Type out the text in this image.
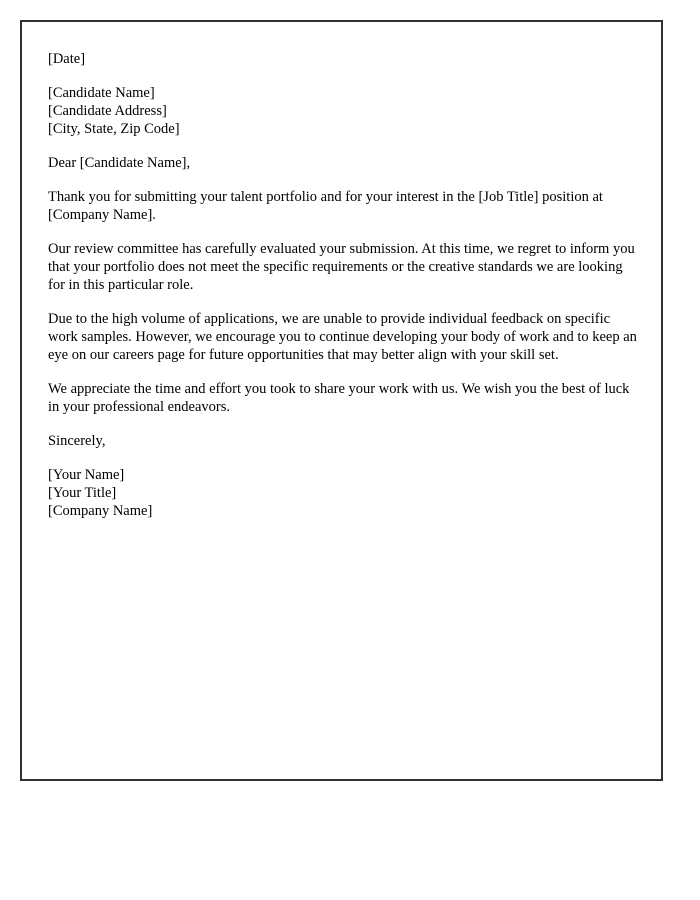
[Date]
[Candidate Name]
[Candidate Address]
[City, State, Zip Code]
Dear [Candidate Name],

Thank you for submitting your talent portfolio and for your interest in the [Job Title] position at [Company Name].

Our review committee has carefully evaluated your submission. At this time, we regret to inform you that your portfolio does not meet the specific requirements or the creative standards we are looking for in this particular role.

Due to the high volume of applications, we are unable to provide individual feedback on specific work samples. However, we encourage you to continue developing your body of work and to keep an eye on our careers page for future opportunities that may better align with your skill set.

We appreciate the time and effort you took to share your work with us. We wish you the best of luck in your professional endeavors.

Sincerely,
[Your Name]
[Your Title]
[Company Name]
